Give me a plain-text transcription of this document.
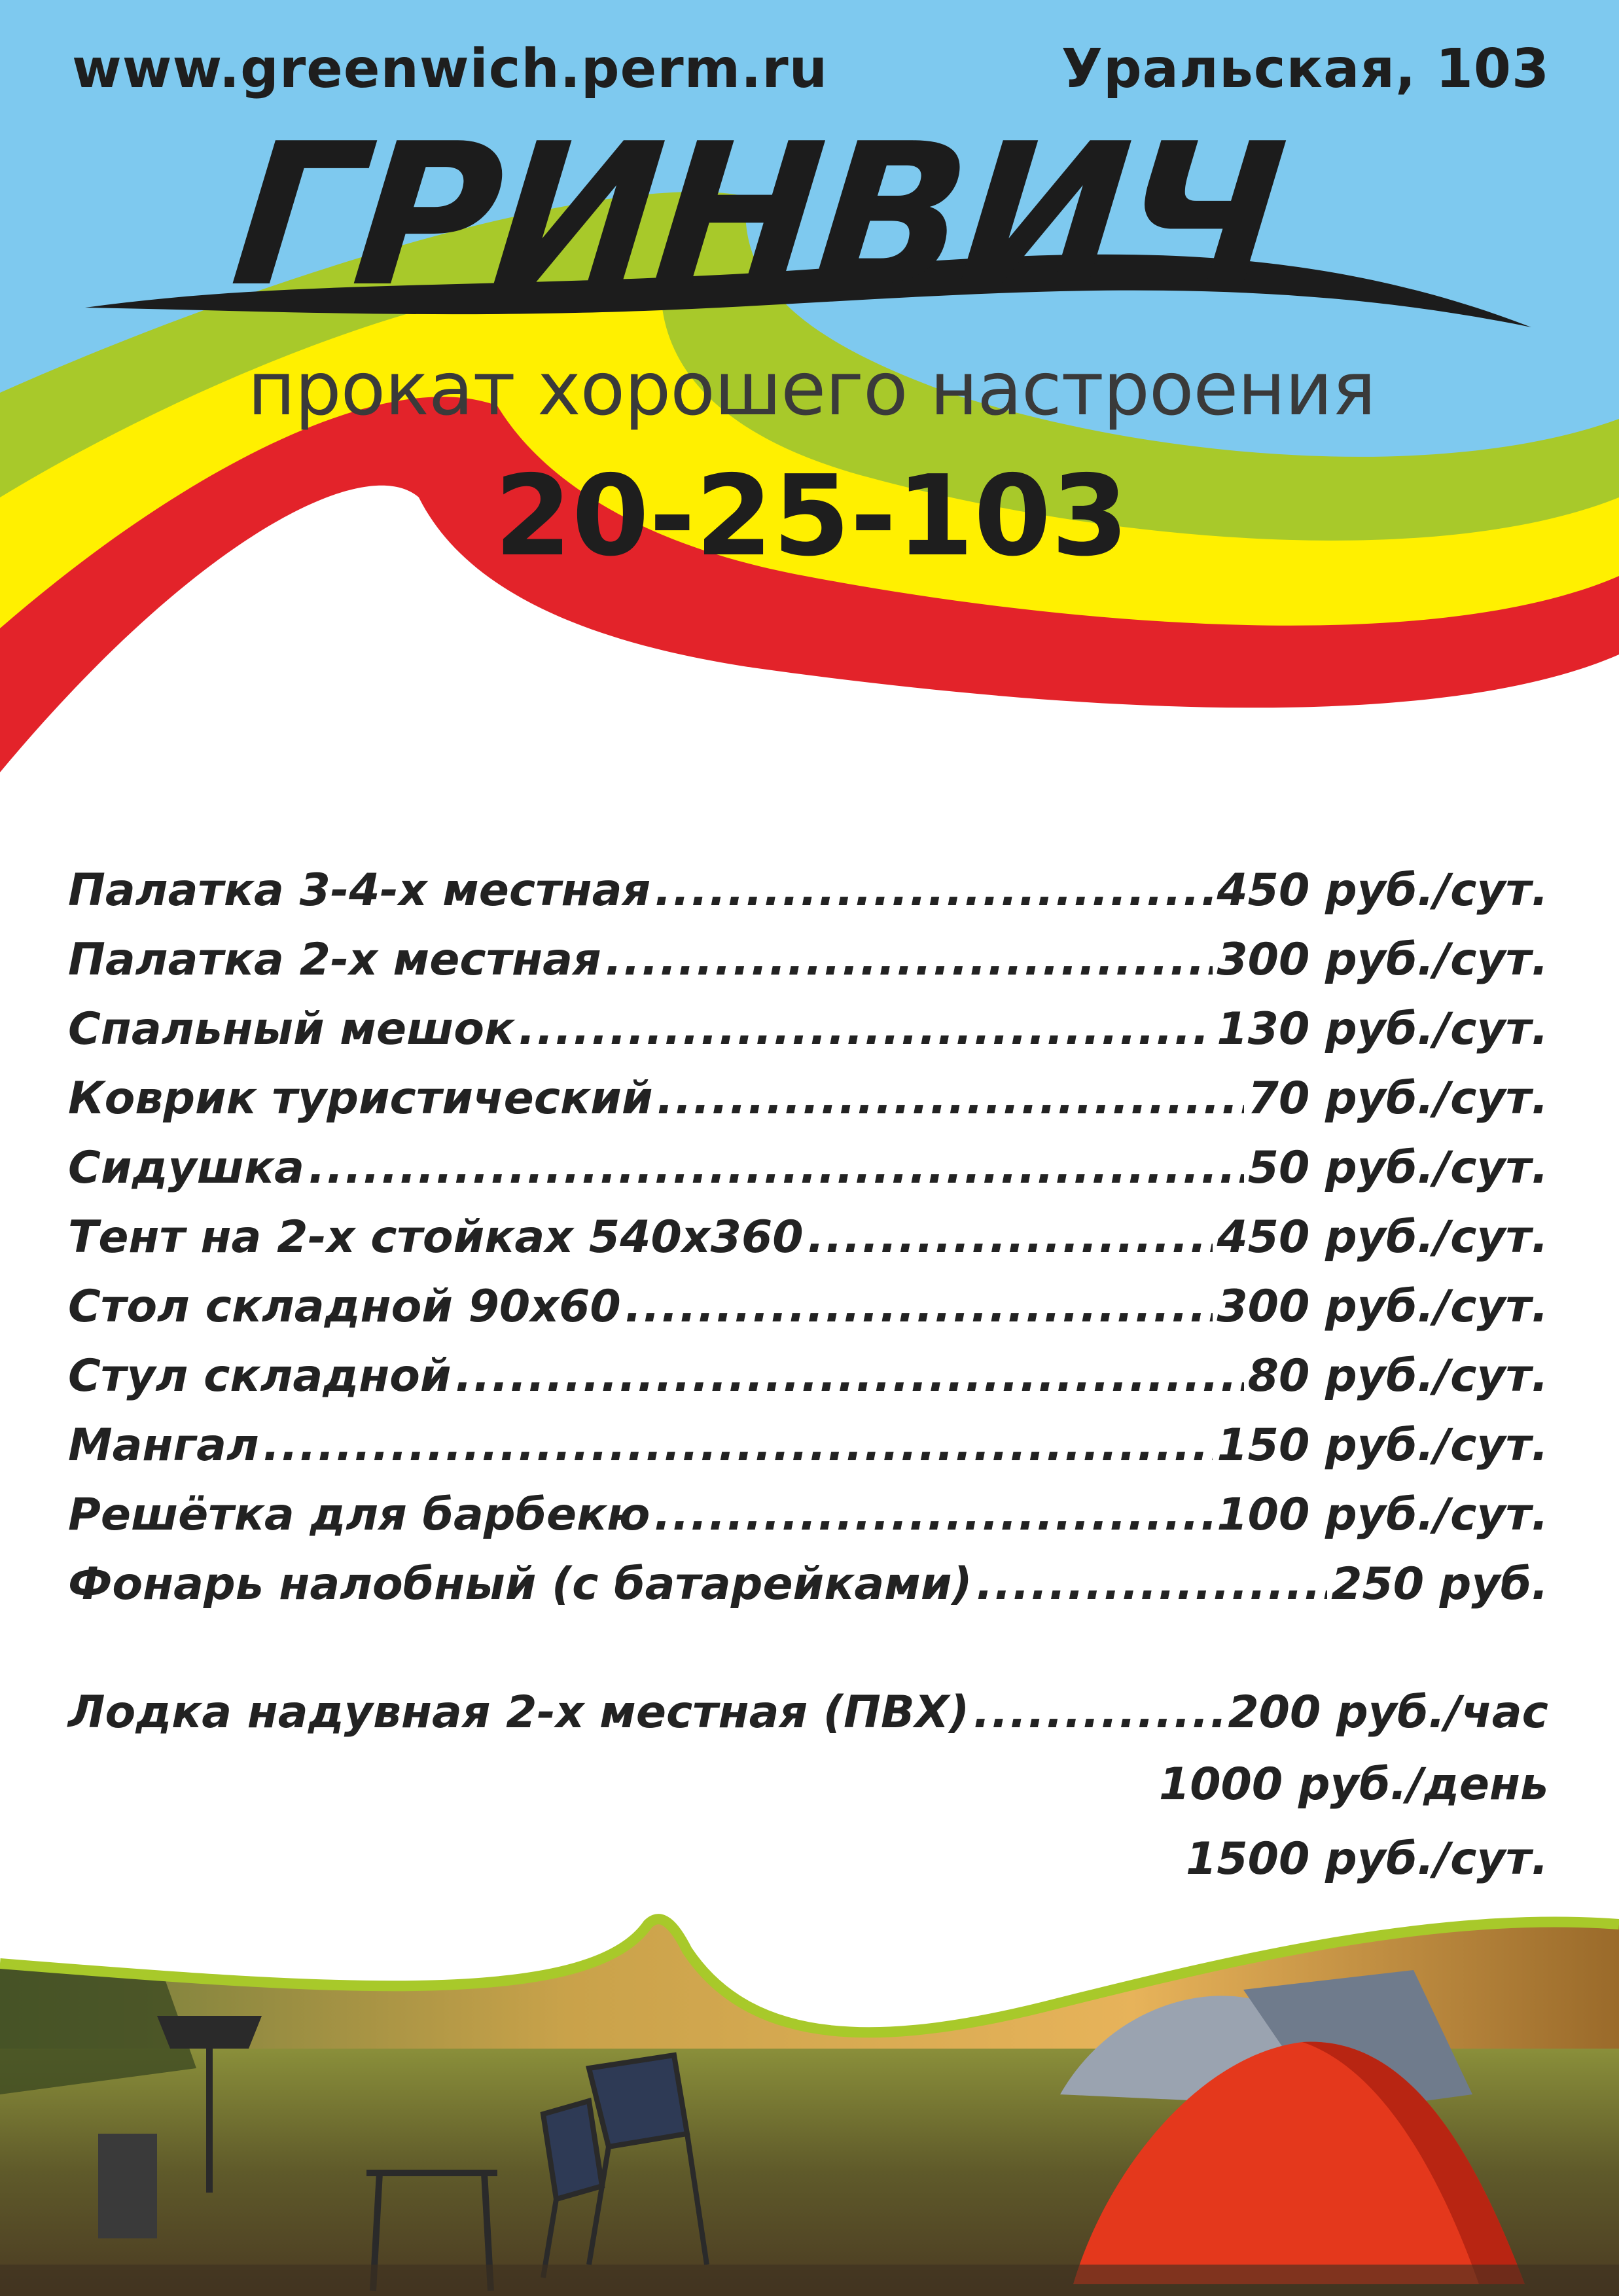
www.greenwich.perm.ru	Уральская, 103
ГРИНВИЧ
прокат хорошего настроения
20-25-103
Палатка 3-4-х местная .....	450 руб./сут.
Палатка 2-х местная .....	300 руб./сут.
Спальный мешок .....	130 руб./сут.
Коврик туристический .....	70 руб./сут.
Сидушка .....	50 руб./сут.
Тент на 2-х стойках 540х360 .....	450 руб./сут.
Стол складной 90х60 .....	300 руб./сут.
Стул складной .....	80 руб./сут.
Мангал .....	150 руб./сут.
Решётка для барбекю .....	100 руб./сут.
Фонарь налобный (с батарейками) .....	250 руб.
Лодка надувная 2-х местная (ПВХ) .....	200 руб./час
1000 руб./день
1500 руб./сут.
